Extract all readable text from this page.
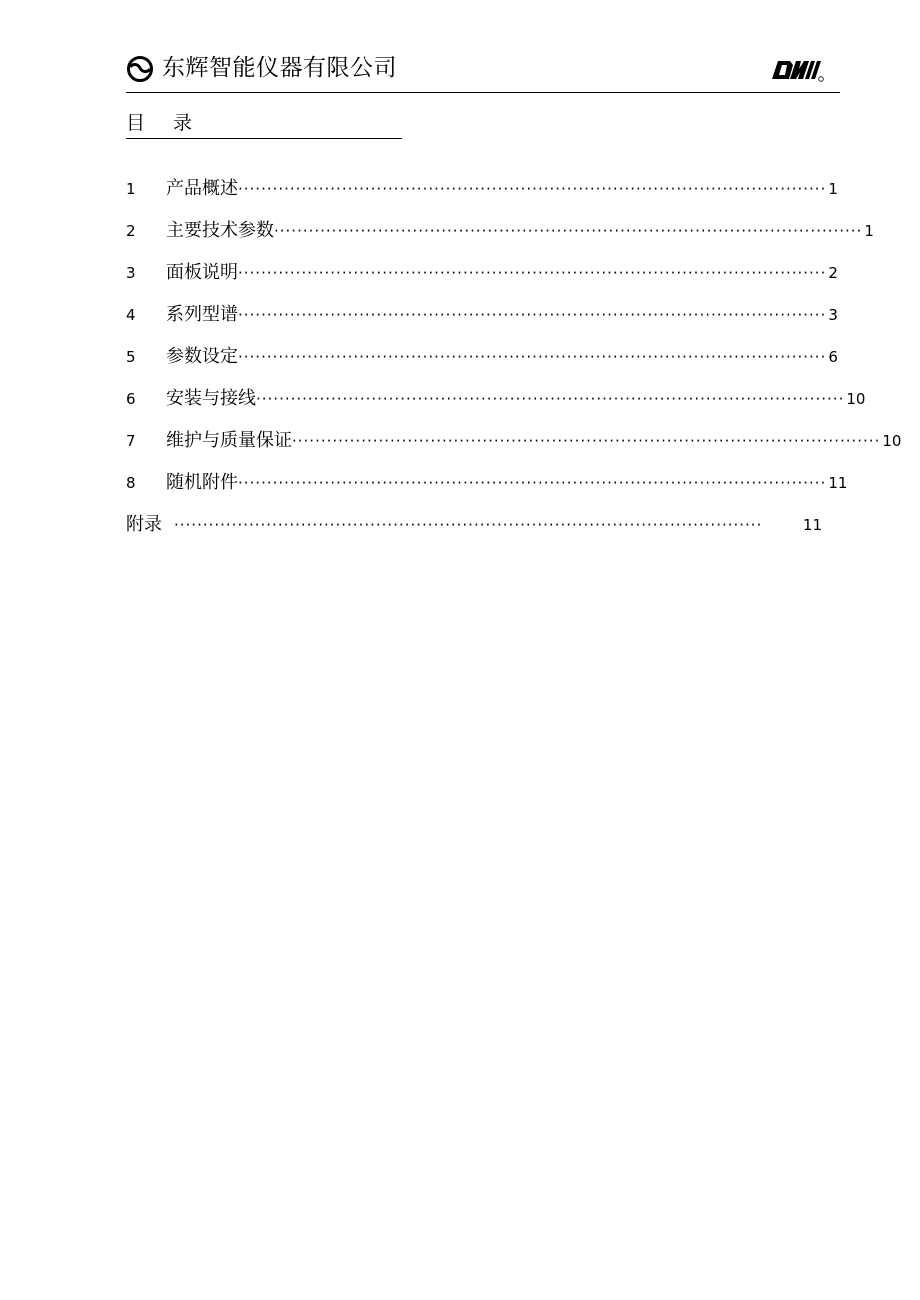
东辉智能仪器有限公司
目录
1	产品概述 ······································································································ 1
2	主要技术参数 ······································································································ 1
3	面板说明 ······································································································ 2
4	系列型谱 ······································································································ 3
5	参数设定 ······································································································ 6
6	安装与接线 ······································································································ 10
7	维护与质量保证 ······································································································ 10
8	随机附件 ······································································································ 11
附录 ······································································································	11
